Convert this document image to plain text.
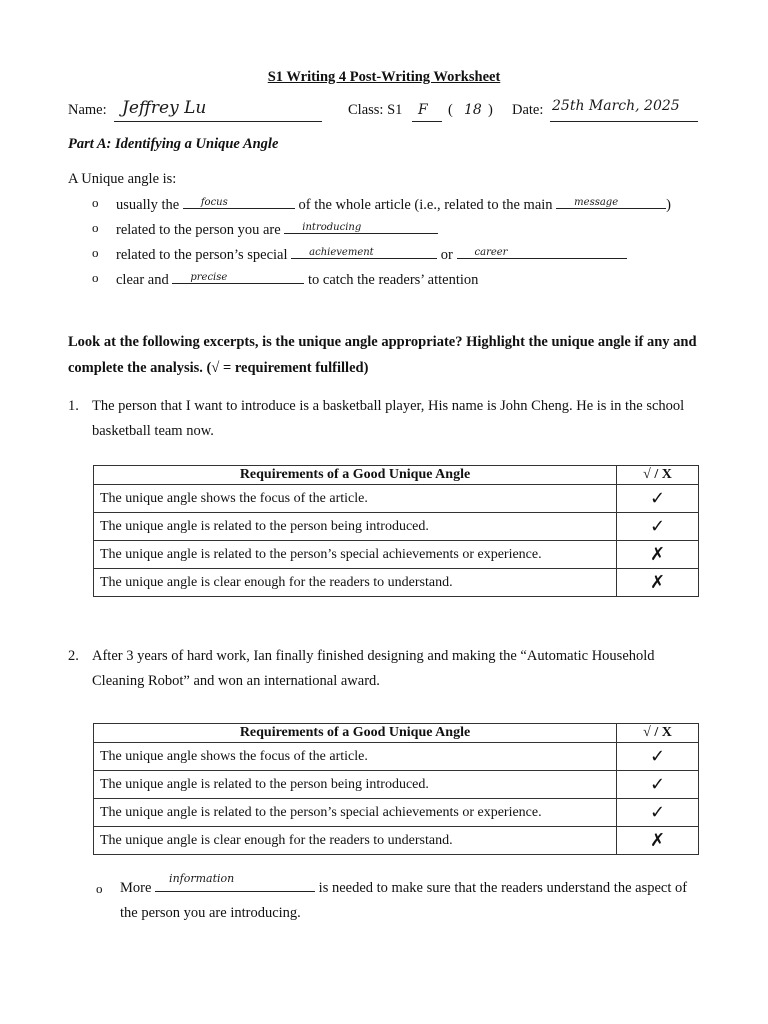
S1 Writing 4 Post-Writing Worksheet
Name: Jeffrey Lu	Class: S1 F ( 18 ) Date: 25th March, 2025
Part A: Identifying a Unique Angle
A Unique angle is:
o usually the focus	of the whole article (i.e., related to the main message	)
o related to the person you are introducing
o related to the person’s special achievement	or career
o clear and precise	to catch the readers’ attention
Look at the following excerpts, is the unique angle appropriate? Highlight the unique angle if any and complete the analysis. (√ = requirement fulfilled)
1. The person that I want to introduce is a basketball player, His name is John Cheng. He is in the school basketball team now.
Requirements of a Good Unique Angle	√ / X
The unique angle shows the focus of the article.	✓
The unique angle is related to the person being introduced.	✓
The unique angle is related to the person’s special achievements or experience.	✗
The unique angle is clear enough for the readers to understand.	✗
2. After 3 years of hard work, Ian finally finished designing and making the “Automatic Household Cleaning Robot” and won an international award.
Requirements of a Good Unique Angle	√ / X
The unique angle shows the focus of the article.	✓
The unique angle is related to the person being introduced.	✓
The unique angle is related to the person’s special achievements or experience.	✓
The unique angle is clear enough for the readers to understand.	✗
o	More
information
is needed to make sure that the readers understand the aspect of the person you are introducing.
